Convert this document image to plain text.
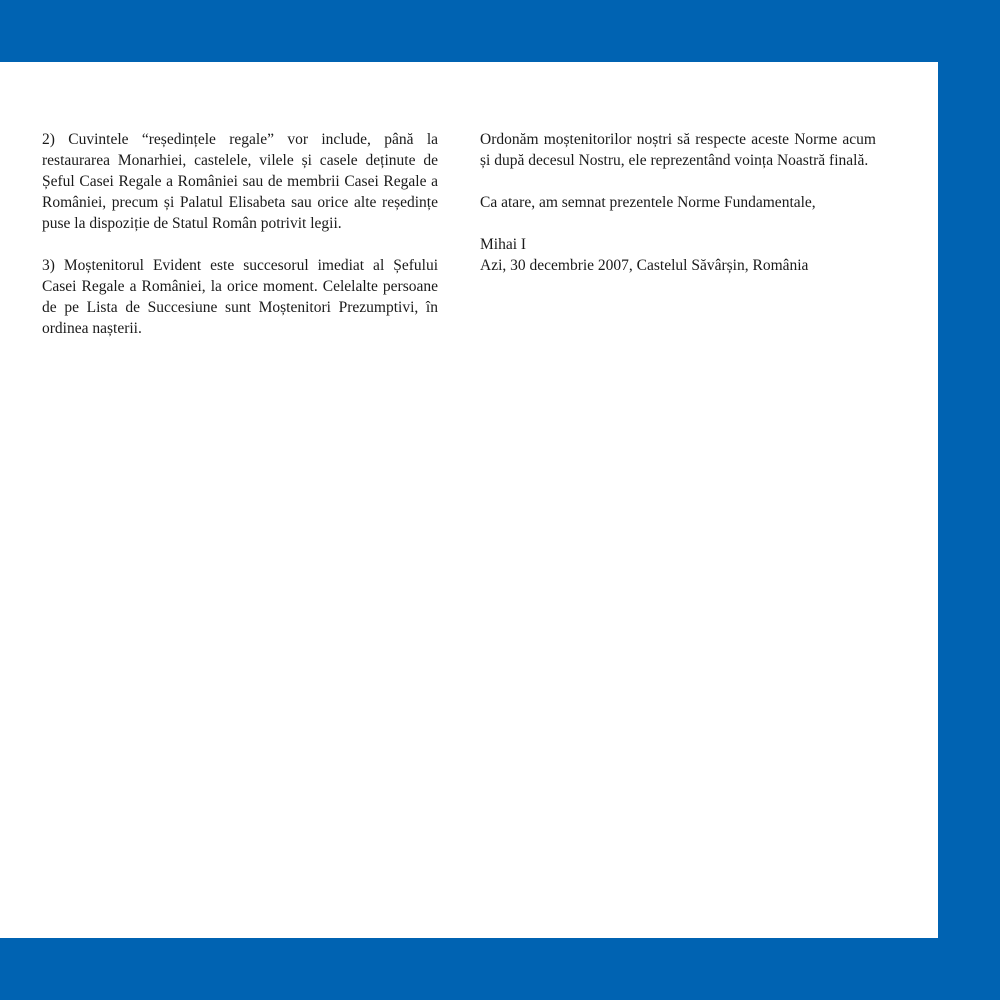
2) Cuvintele “reședințele regale” vor include, până la restaurarea Monarhiei, castelele, vilele și casele deținute de Șeful Casei Regale a României sau de membrii Casei Regale a României, precum și Palatul Elisabeta sau orice alte reședințe puse la dispoziție de Statul Român potrivit legii.

3) Moștenitorul Evident este succesorul imediat al Șefului Casei Regale a României, la orice moment. Celelalte persoane de pe Lista de Succesiune sunt Moștenitori Prezumptivi, în ordinea nașterii.

Ordonăm moștenitorilor noștri să respecte aceste Norme acum și după decesul Nostru, ele reprezentând voința Noastră finală.

Ca atare, am semnat prezentele Norme Fundamentale,

Mihai I

Azi, 30 decembrie 2007, Castelul Săvârșin, România
